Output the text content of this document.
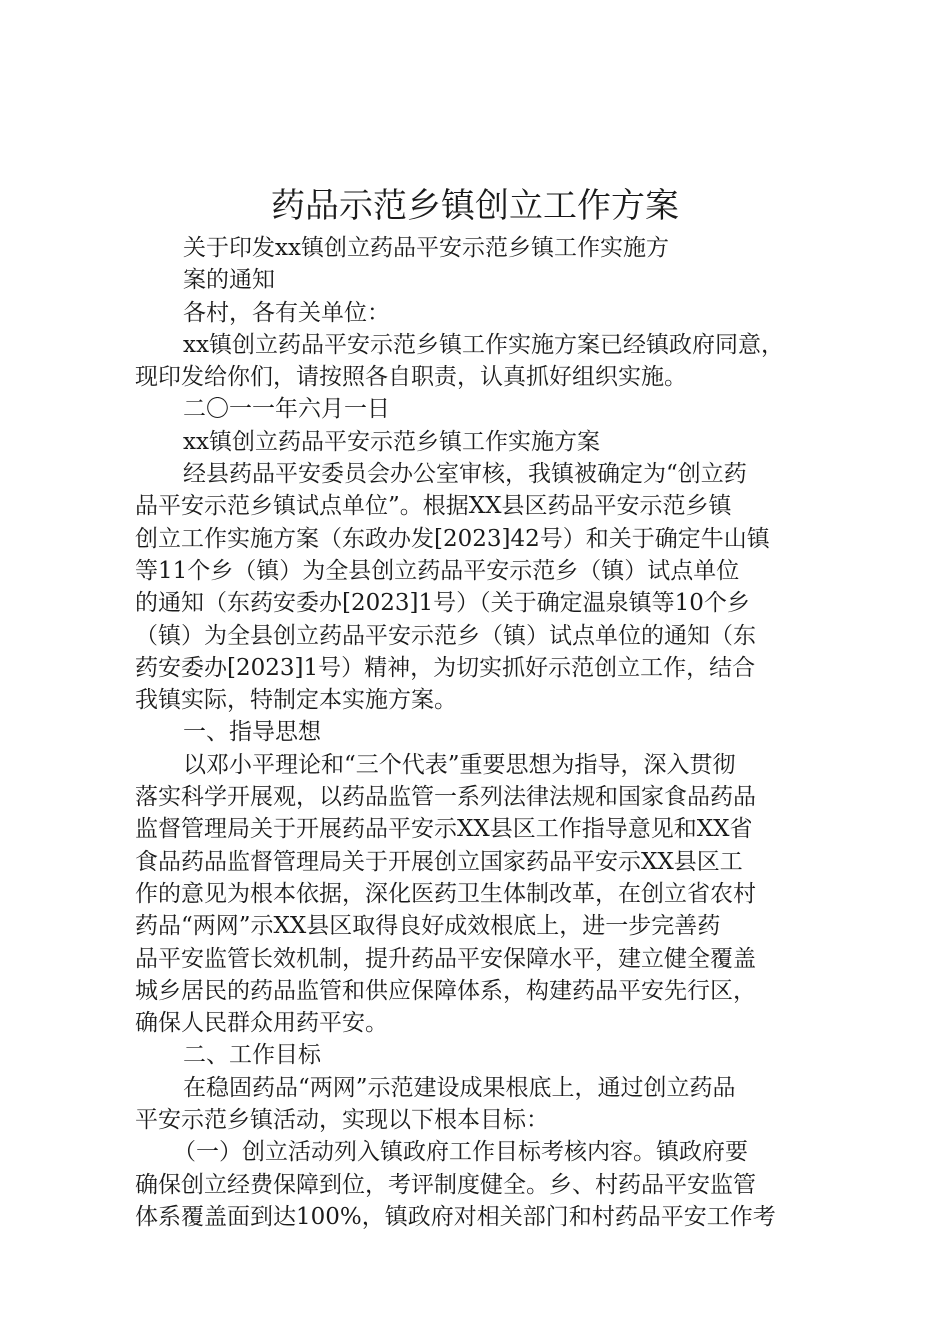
药品示范乡镇创立工作方案
关于印发xx镇创立药品平安示范乡镇工作实施方
案的通知
各村，各有关单位：
xx镇创立药品平安示范乡镇工作实施方案已经镇政府同意，
现印发给你们，请按照各自职责，认真抓好组织实施。
二〇一一年六月一日
xx镇创立药品平安示范乡镇工作实施方案
经县药品平安委员会办公室审核，我镇被确定为“创立药
品平安示范乡镇试点单位”。根据XX县区药品平安示范乡镇
创立工作实施方案（东政办发[2023]42号）和关于确定牛山镇
等11个乡（镇）为全县创立药品平安示范乡（镇）试点单位
的通知（东药安委办[2023]1号）（关于确定温泉镇等10个乡
（镇）为全县创立药品平安示范乡（镇）试点单位的通知（东
药安委办[2023]1号）精神，为切实抓好示范创立工作，结合
我镇实际，特制定本实施方案。
一、指导思想
以邓小平理论和“三个代表”重要思想为指导，深入贯彻
落实科学开展观，以药品监管一系列法律法规和国家食品药品
监督管理局关于开展药品平安示XX县区工作指导意见和XX省
食品药品监督管理局关于开展创立国家药品平安示XX县区工
作的意见为根本依据，深化医药卫生体制改革，在创立省农村
药品“两网”示XX县区取得良好成效根底上，进一步完善药
品平安监管长效机制，提升药品平安保障水平，建立健全覆盖
城乡居民的药品监管和供应保障体系，构建药品平安先行区，
确保人民群众用药平安。
二、工作目标
在稳固药品“两网”示范建设成果根底上，通过创立药品
平安示范乡镇活动，实现以下根本目标：
（一）创立活动列入镇政府工作目标考核内容。镇政府要
确保创立经费保障到位，考评制度健全。乡、村药品平安监管
体系覆盖面到达100%，镇政府对相关部门和村药品平安工作考
